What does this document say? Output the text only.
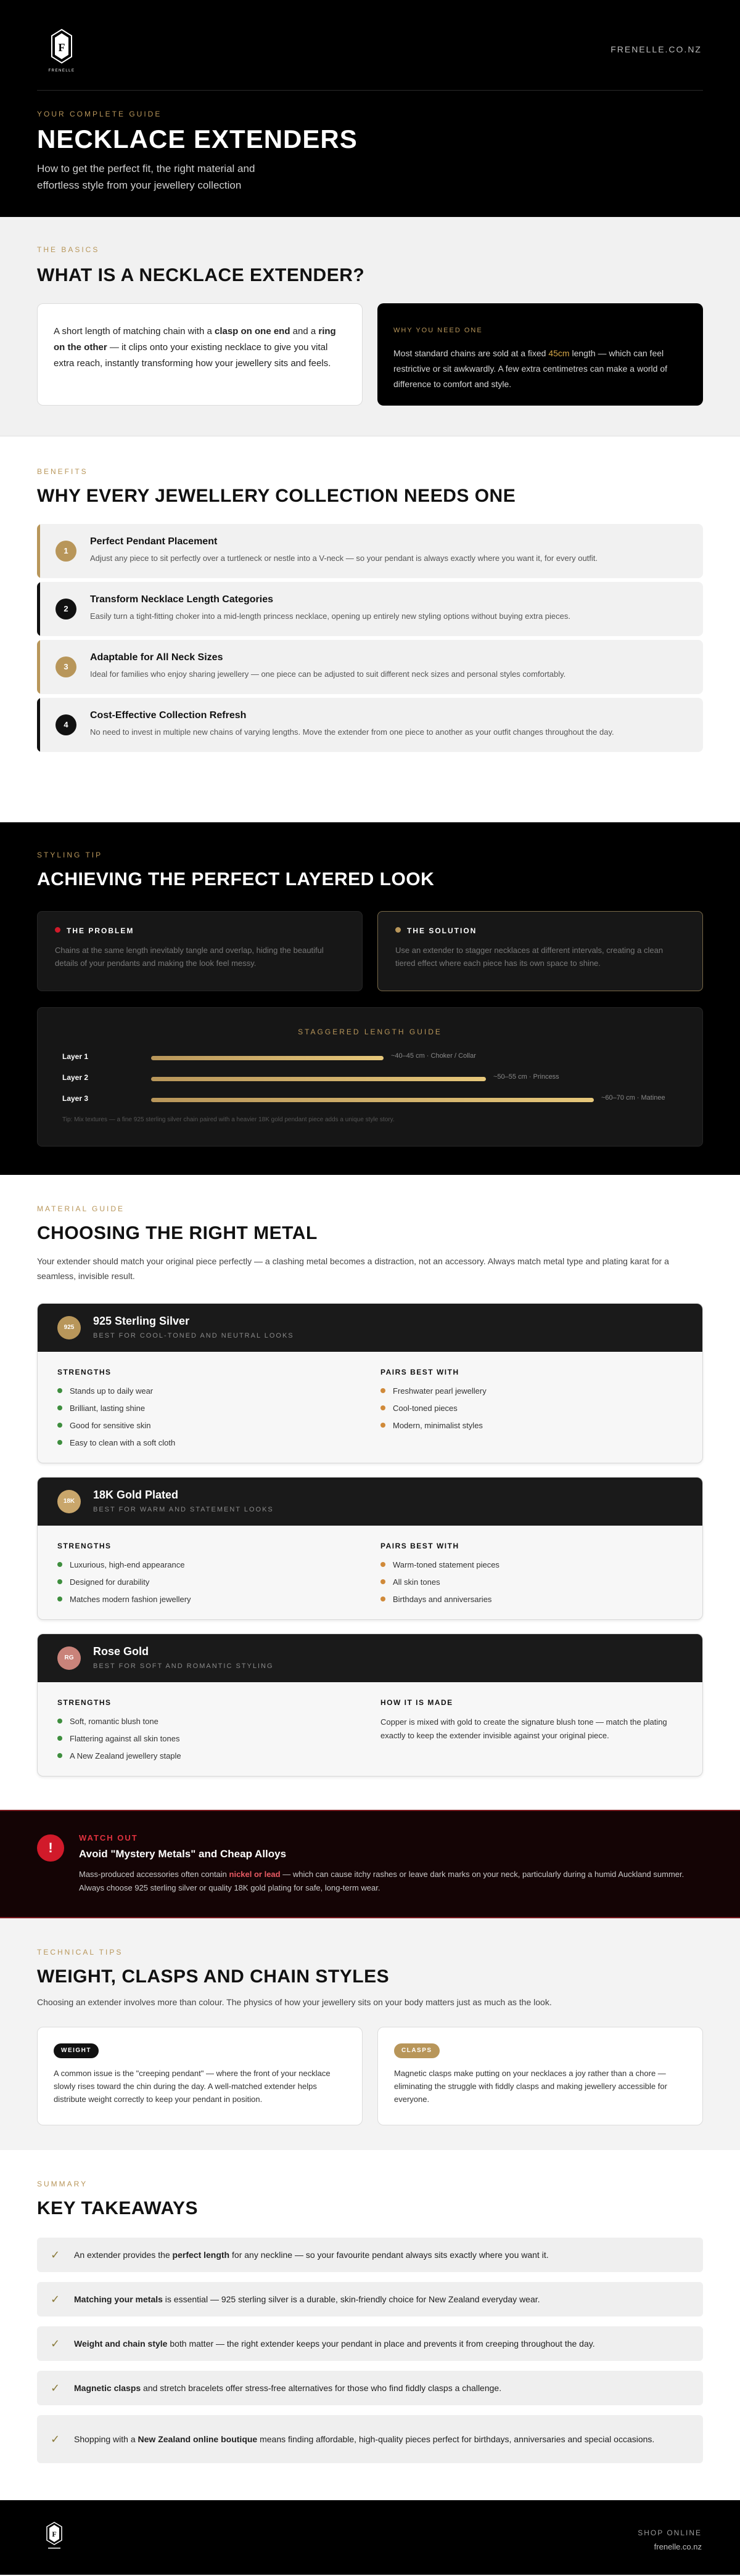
F
FRENELLE
FRENELLE.CO.NZ
YOUR COMPLETE GUIDE
NECKLACE EXTENDERS

How to get the perfect fit, the right material and effortless style from your jewellery collection

THE BASICS
WHAT IS A NECKLACE EXTENDER?
A short length of matching chain with a clasp on one end and a ring on the other — it clips onto your existing necklace to give you vital extra reach, instantly transforming how your jewellery sits and feels.
WHY YOU NEED ONE
Most standard chains are sold at a fixed 45cm length — which can feel restrictive or sit awkwardly. A few extra centimetres can make a world of difference to comfort and style.
BENEFITS
WHY EVERY JEWELLERY COLLECTION NEEDS ONE
1
Perfect Pendant Placement
Adjust any piece to sit perfectly over a turtleneck or nestle into a V-neck — so your pendant is always exactly where you want it, for every outfit.
2
Transform Necklace Length Categories
Easily turn a tight-fitting choker into a mid-length princess necklace, opening up entirely new styling options without buying extra pieces.
3
Adaptable for All Neck Sizes
Ideal for families who enjoy sharing jewellery — one piece can be adjusted to suit different neck sizes and personal styles comfortably.
4
Cost-Effective Collection Refresh
No need to invest in multiple new chains of varying lengths. Move the extender from one piece to another as your outfit changes throughout the day.
STYLING TIP
ACHIEVING THE PERFECT LAYERED LOOK
THE PROBLEM
Chains at the same length inevitably tangle and overlap, hiding the beautiful details of your pendants and making the look feel messy.
THE SOLUTION
Use an extender to stagger necklaces at different intervals, creating a clean tiered effect where each piece has its own space to shine.
STAGGERED LENGTH GUIDE
Layer 1	~40–45 cm · Choker / Collar
Layer 2	~50–55 cm · Princess
Layer 3	~60–70 cm · Matinee
Tip: Mix textures — a fine 925 sterling silver chain paired with a heavier 18K gold pendant piece adds a unique style story.
MATERIAL GUIDE
CHOOSING THE RIGHT METAL

Your extender should match your original piece perfectly — a clashing metal becomes a distraction, not an accessory. Always match metal type and plating karat for a seamless, invisible result.

925
925 Sterling Silver
BEST FOR COOL-TONED AND NEUTRAL LOOKS
STRENGTHS
Stands up to daily wear
Brilliant, lasting shine
Good for sensitive skin
Easy to clean with a soft cloth
PAIRS BEST WITH
Freshwater pearl jewellery
Cool-toned pieces
Modern, minimalist styles
18K
18K Gold Plated
BEST FOR WARM AND STATEMENT LOOKS
STRENGTHS
Luxurious, high-end appearance
Designed for durability
Matches modern fashion jewellery
PAIRS BEST WITH
Warm-toned statement pieces
All skin tones
Birthdays and anniversaries
RG
Rose Gold
BEST FOR SOFT AND ROMANTIC STYLING
STRENGTHS
Soft, romantic blush tone
Flattering against all skin tones
A New Zealand jewellery staple
HOW IT IS MADE

Copper is mixed with gold to create the signature blush tone — match the plating exactly to keep the extender invisible against your original piece.

!
WATCH OUT
Avoid "Mystery Metals" and Cheap Alloys

Mass-produced accessories often contain nickel or lead — which can cause itchy rashes or leave dark marks on your neck, particularly during a humid Auckland summer. Always choose 925 sterling silver or quality 18K gold plating for safe, long-term wear.

TECHNICAL TIPS
WEIGHT, CLASPS AND CHAIN STYLES

Choosing an extender involves more than colour. The physics of how your jewellery sits on your body matters just as much as the look.

WEIGHT

A common issue is the "creeping pendant" — where the front of your necklace slowly rises toward the chin during the day. A well-matched extender helps distribute weight correctly to keep your pendant in position.

CLASPS

Magnetic clasps make putting on your necklaces a joy rather than a chore — eliminating the struggle with fiddly clasps and making jewellery accessible for everyone.

SUMMARY
KEY TAKEAWAYS
✓ An extender provides the perfect length for any neckline — so your favourite pendant always sits exactly where you want it.
✓ Matching your metals is essential — 925 sterling silver is a durable, skin-friendly choice for New Zealand everyday wear.
✓ Weight and chain style both matter — the right extender keeps your pendant in place and prevents it from creeping throughout the day.
✓ Magnetic clasps and stretch bracelets offer stress-free alternatives for those who find fiddly clasps a challenge.
✓ Shopping with a New Zealand online boutique means finding affordable, high-quality pieces perfect for birthdays, anniversaries and special occasions.
F	SHOP ONLINE
frenelle.co.nz
